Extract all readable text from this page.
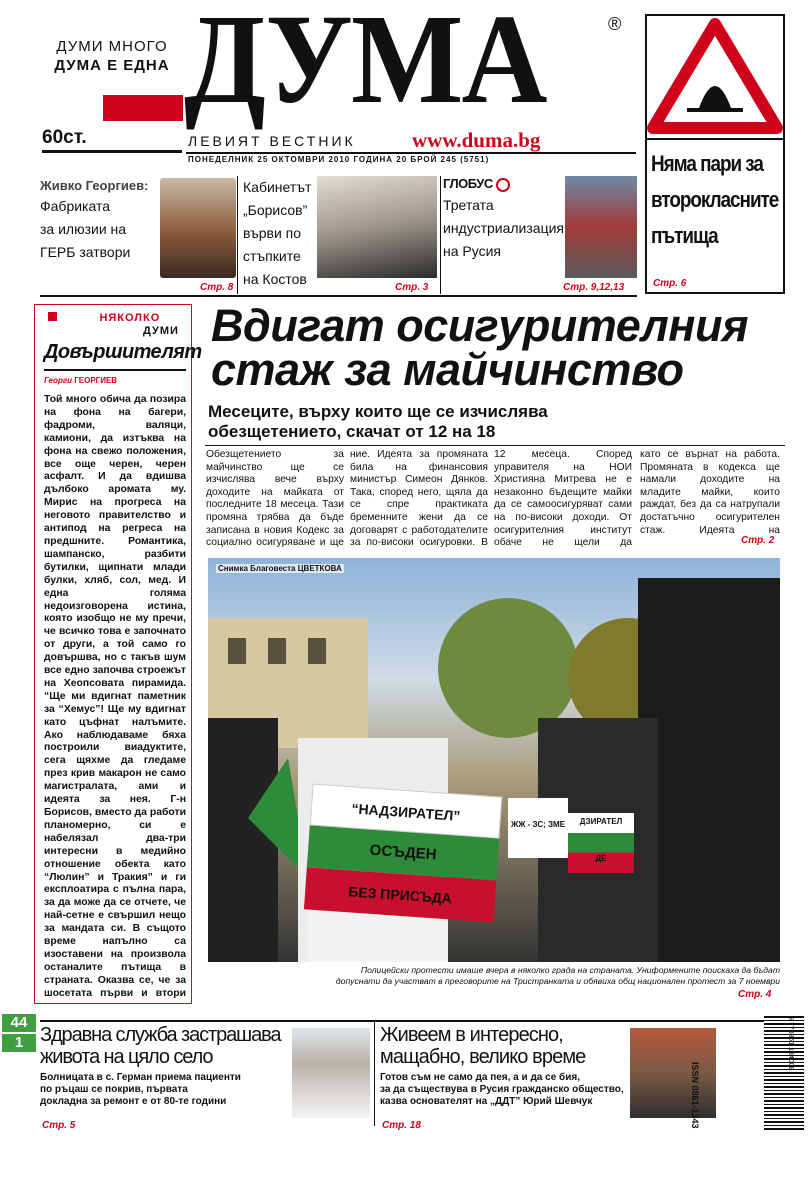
ДУМИ МНОГО
ДУМА Е ЕДНА
60ст.
ДУМА	®
ЛЕВИЯТ ВЕСТНИК	www.duma.bg
ПОНЕДЕЛНИК 25 ОКТОМВРИ 2010 ГОДИНА 20 БРОЙ 245 (5751)	Няма пари за
второкласните
пътища
Стр. 6
Живко Георгиев:
Фабриката
за илюзии на
ГЕРБ затвори
Стр. 8
Кабинетът
„Борисов”
върви по
стъпките
на Костов
Стр. 3
ГЛОБУС
Третата
индустриализация
на Русия
Стр. 9,12,13
НЯКОЛКО
ДУМИ
Довършителят
Георги ГЕОРГИЕВ
Той много обича да позира на фона на багери, фадроми, валяци, камиони, да изтъква на фона на свежо положения, все още черен, черен асфалт. И да вдишва дълбоко аромата му. Мирис на прогреса на неговото правителство и антипод на регреса на предшните. Романтика, шампанско, разбити бутилки, щипнати млади булки, хляб, сол, мед. И една голяма недоизговорена истина, която изобщо не му пречи, че всичко това е започнато от други, а той само го довършва, но с такъв шум все едно започва строежът на Хеопсовата пирамида. “Ще ми вдигнат паметник за “Хемус”! Ще му вдигнат като цъфнат налъмите. Ако наблюдаваме бяха построили виадуктите, сега щяхме да гледаме през крив макарон не само магистралата, ами и идеята за нея. Г-н Борисов, вместо да работи планомерно, си е набелязал два-три интересни в медийно отношение обекта като “Люлин” и Тракия” и ги експлоатира с пълна пара, за да може да се отчете, че най-сетне е свършил нещо за мандата си. В същото време напълно са изоставени на произвола останалите пътища в страната. Оказва се, че за шосетата първи и втори
Вдигат осигурителния
стаж за майчинство
Месеците, върху които ще се изчислява
обезщетението, скачат от 12 на 18

Обезщетението за майчинство ще се изчислява вече върху доходите на майката от последните 18 месеца. Тази промяна трябва да бъде записана в новия Кодекс за социално осигуряване и ще

ние. Идеята за промяната била на финансовия министър Симеон Дянков. Така, според него, щяла да се спре практиката бременните жени да се договарят с работодателите за по-високи осигуровки. В

12 месеца. Според управителя на НОИ Християна Митрева не е незаконно бъдещите майки да се самоосигуряват сами на по-високи доходи. От осигурителния институт обаче не щели да

като се върнат на работа. Промяната в кодекса ще намали доходите на младите майки, които раждат, без да са натрупали достатъчно осигурителен стаж. Идеята на

Стр. 2
Снимка Благовеста ЦВЕТКОВА
“НАДЗИРАТЕЛ”
ОСЪДЕН
БЕЗ ПРИСЪДА
ЖЖ - ЗС; ЗМЕ	ДЗИРАТЕЛ
ДЕ
Полицейски протести имаше вчера в няколко града на страната. Униформените поискаха да бъдат
допуснати да участват в преговорите на Тристранката и обявиха общ национален протест за 7 ноември
Стр. 4
44
1 Здравна служба застрашава
живота на цяло село
Болницата в с. Герман приема пациенти
по ръцаш се покрив, първата
докладна за ремонт е от 80-те години
Стр. 5
Живеем в интересно,
мащабно, велико време
Готов съм не само да пея, а и да се бия,
за да съществува в Русия гражданско общество,
казва основателят на „ДДТ” Юрий Шевчук
Стр. 18	ISSN 0861-1343
9 770861 134008
